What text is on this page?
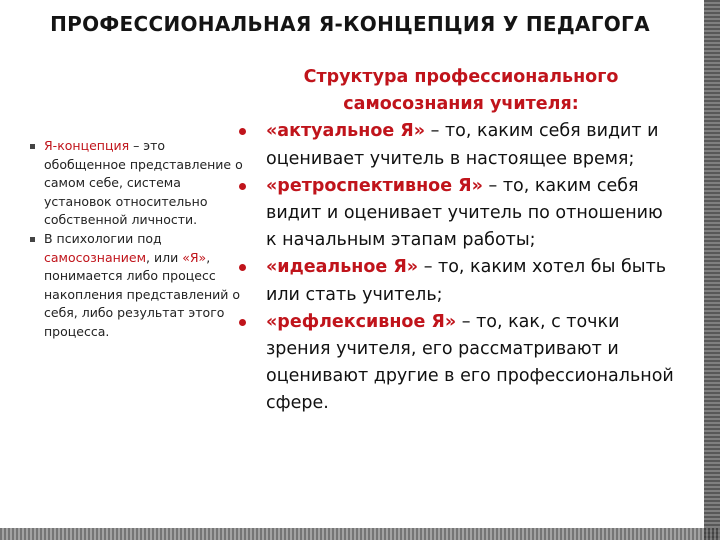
ПРОФЕССИОНАЛЬНАЯ Я-КОНЦЕПЦИЯ У ПЕДАГОГА
Я-концепция – это обобщенное представление о самом себе, система установок относительно собственной личности.
В психологии под самосознанием, или «Я», понимается либо процесс накопления представлений о себя, либо результат этого процесса.
Структура профессионального самосознания учителя:
«актуальное Я» – то, каким себя видит и оценивает учитель в настоящее время;
«ретроспективное Я» – то, каким себя видит и оценивает учитель по отношению к начальным этапам работы;
«идеальное Я» – то, каким хотел бы быть или стать учитель;
«рефлексивное Я» – то, как, с точки зрения учителя, его рассматривают и оценивают другие в его профессиональной сфере.
